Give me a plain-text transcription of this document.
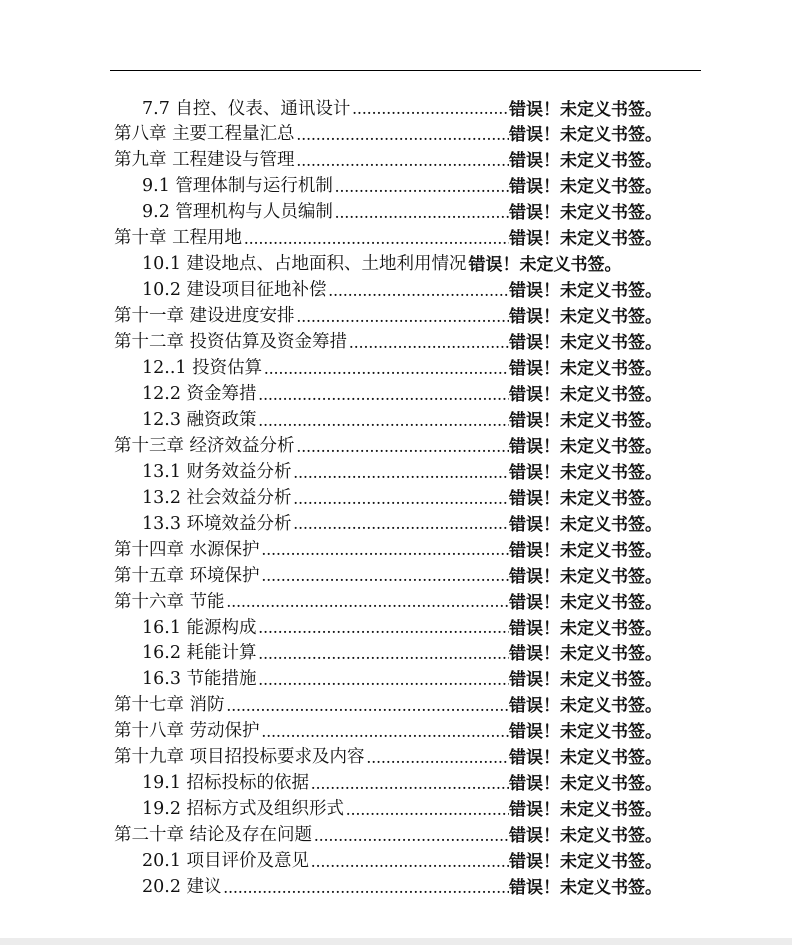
7.7 自控、仪表、通讯设计 .....	错误！未定义书签。
第八章 主要工程量汇总 .....	错误！未定义书签。
第九章 工程建设与管理 .....	错误！未定义书签。
9.1 管理体制与运行机制 .....	错误！未定义书签。
9.2 管理机构与人员编制 .....	错误！未定义书签。
第十章 工程用地 .....	错误！未定义书签。
10.1 建设地点、占地面积、土地利用情况 错误！未定义书签。
10.2 建设项目征地补偿 .....	错误！未定义书签。
第十一章 建设进度安排 .....	错误！未定义书签。
第十二章 投资估算及资金筹措 .....	错误！未定义书签。
12..1 投资估算 .....	错误！未定义书签。
12.2 资金筹措 .....	错误！未定义书签。
12.3 融资政策 .....	错误！未定义书签。
第十三章 经济效益分析 .....	错误！未定义书签。
13.1 财务效益分析 .....	错误！未定义书签。
13.2 社会效益分析 .....	错误！未定义书签。
13.3 环境效益分析 .....	错误！未定义书签。
第十四章 水源保护 .....	错误！未定义书签。
第十五章 环境保护 .....	错误！未定义书签。
第十六章 节能 .....	错误！未定义书签。
16.1 能源构成 .....	错误！未定义书签。
16.2 耗能计算 .....	错误！未定义书签。
16.3 节能措施 .....	错误！未定义书签。
第十七章 消防 .....	错误！未定义书签。
第十八章 劳动保护 .....	错误！未定义书签。
第十九章 项目招投标要求及内容 .....	错误！未定义书签。
19.1 招标投标的依据 .....	错误！未定义书签。
19.2 招标方式及组织形式 .....	错误！未定义书签。
第二十章 结论及存在问题 .....	错误！未定义书签。
20.1 项目评价及意见 .....	错误！未定义书签。
20.2 建议 .....	错误！未定义书签。
